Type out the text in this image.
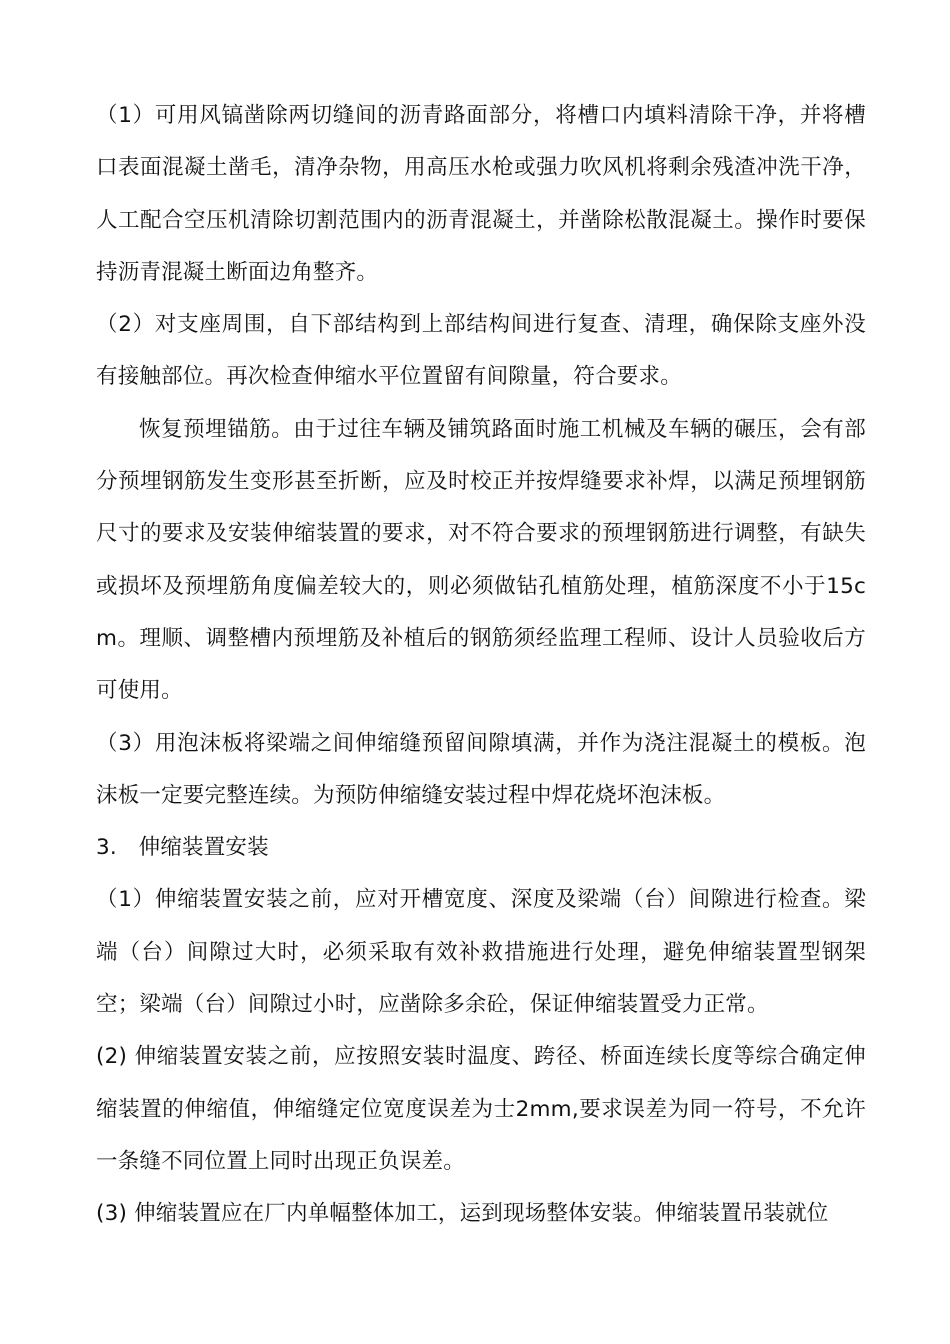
（1）可用风镐凿除两切缝间的沥青路面部分，将槽口内填料清除干净，并将槽口表面混凝土凿毛，清净杂物，用高压水枪或强力吹风机将剩余残渣冲洗干净，人工配合空压机清除切割范围内的沥青混凝土，并凿除松散混凝土。操作时要保持沥青混凝土断面边角整齐。

（2）对支座周围，自下部结构到上部结构间进行复查、清理，确保除支座外没有接触部位。再次检查伸缩水平位置留有间隙量，符合要求。

恢复预埋锚筋。由于过往车辆及铺筑路面时施工机械及车辆的碾压，会有部分预埋钢筋发生变形甚至折断，应及时校正并按焊缝要求补焊，以满足预埋钢筋尺寸的要求及安装伸缩装置的要求，对不符合要求的预埋钢筋进行调整，有缺失或损坏及预埋筋角度偏差较大的，则必须做钻孔植筋处理，植筋深度不小于15cm。理顺、调整槽内预埋筋及补植后的钢筋须经监理工程师、设计人员验收后方可使用。

（3）用泡沫板将梁端之间伸缩缝预留间隙填满，并作为浇注混凝土的模板。泡沫板一定要完整连续。为预防伸缩缝安装过程中焊花烧坏泡沫板。

3.　伸缩装置安装

（1）伸缩装置安装之前，应对开槽宽度、深度及梁端（台）间隙进行检查。梁端（台）间隙过大时，必须采取有效补救措施进行处理，避免伸缩装置型钢架空；梁端（台）间隙过小时，应凿除多余砼，保证伸缩装置受力正常。

(2) 伸缩装置安装之前，应按照安装时温度、跨径、桥面连续长度等综合确定伸缩装置的伸缩值，伸缩缝定位宽度误差为士2mm,要求误差为同一符号，不允许一条缝不同位置上同时出现正负误差。

(3) 伸缩装置应在厂内单幅整体加工，运到现场整体安装。伸缩装置吊装就位
